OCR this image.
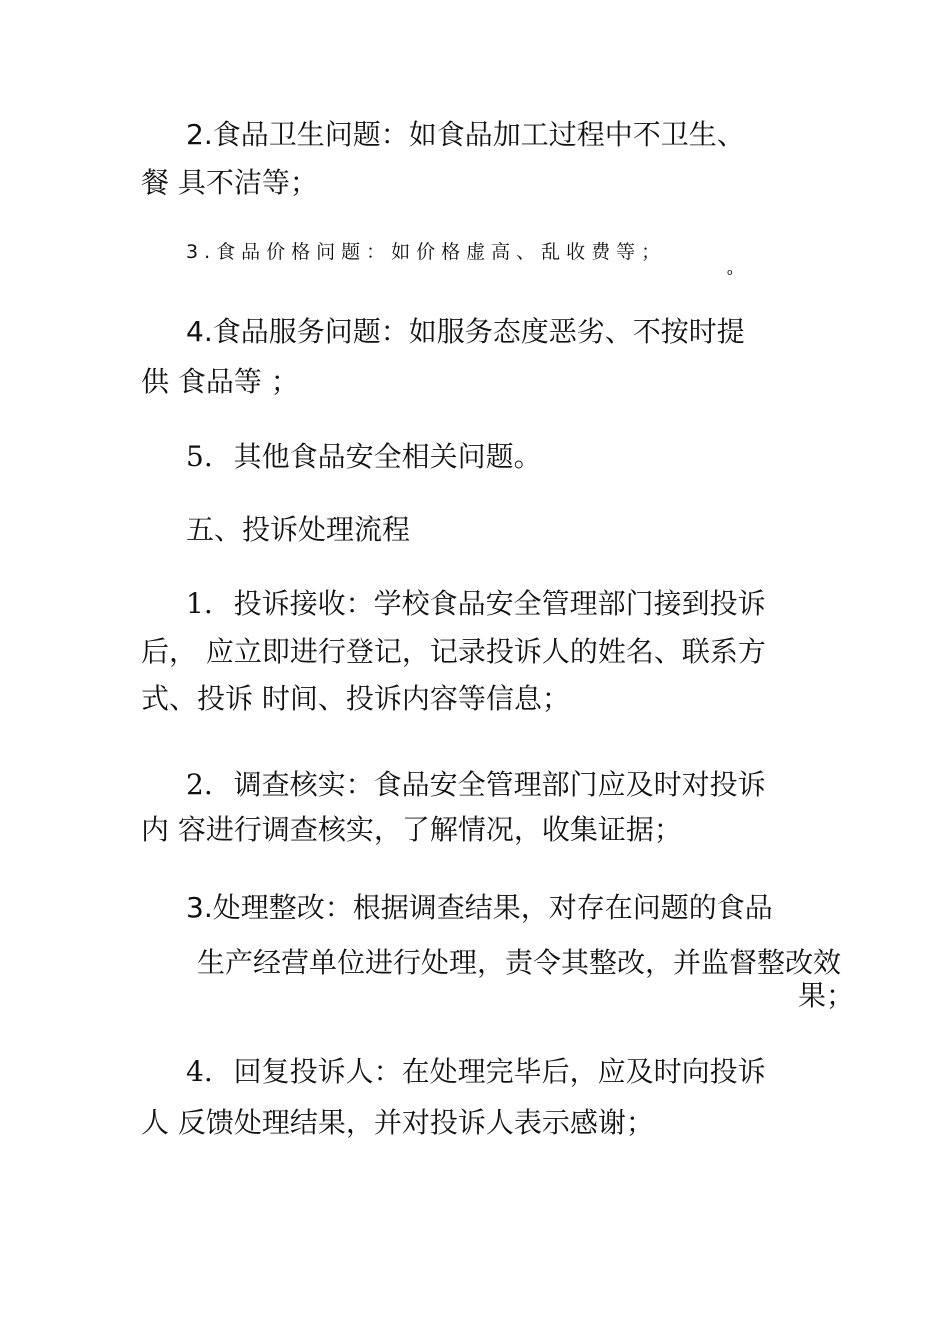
2.食品卫生问题：如食品加工过程中不卫生、
餐 具不洁等；
3.食品价格问题：如价格虚高、乱收费等；
o
4.食品服务问题：如服务态度恶劣、不按时提
供 食品等 ；
5. 其他食品安全相关问题。
五、投诉处理流程
1. 投诉接收：学校食品安全管理部门接到投诉
后， 应立即进行登记，记录投诉人的姓名、联系方
式、投诉 时间、投诉内容等信息；
2. 调查核实：食品安全管理部门应及时对投诉
内 容进行调查核实，了解情况，收集证据；
3.处理整改：根据调查结果，对存在问题的食品
生产经营单位进行处理，责令其整改，并监督整改效
果；
4. 回复投诉人：在处理完毕后，应及时向投诉
人 反馈处理结果，并对投诉人表示感谢；
